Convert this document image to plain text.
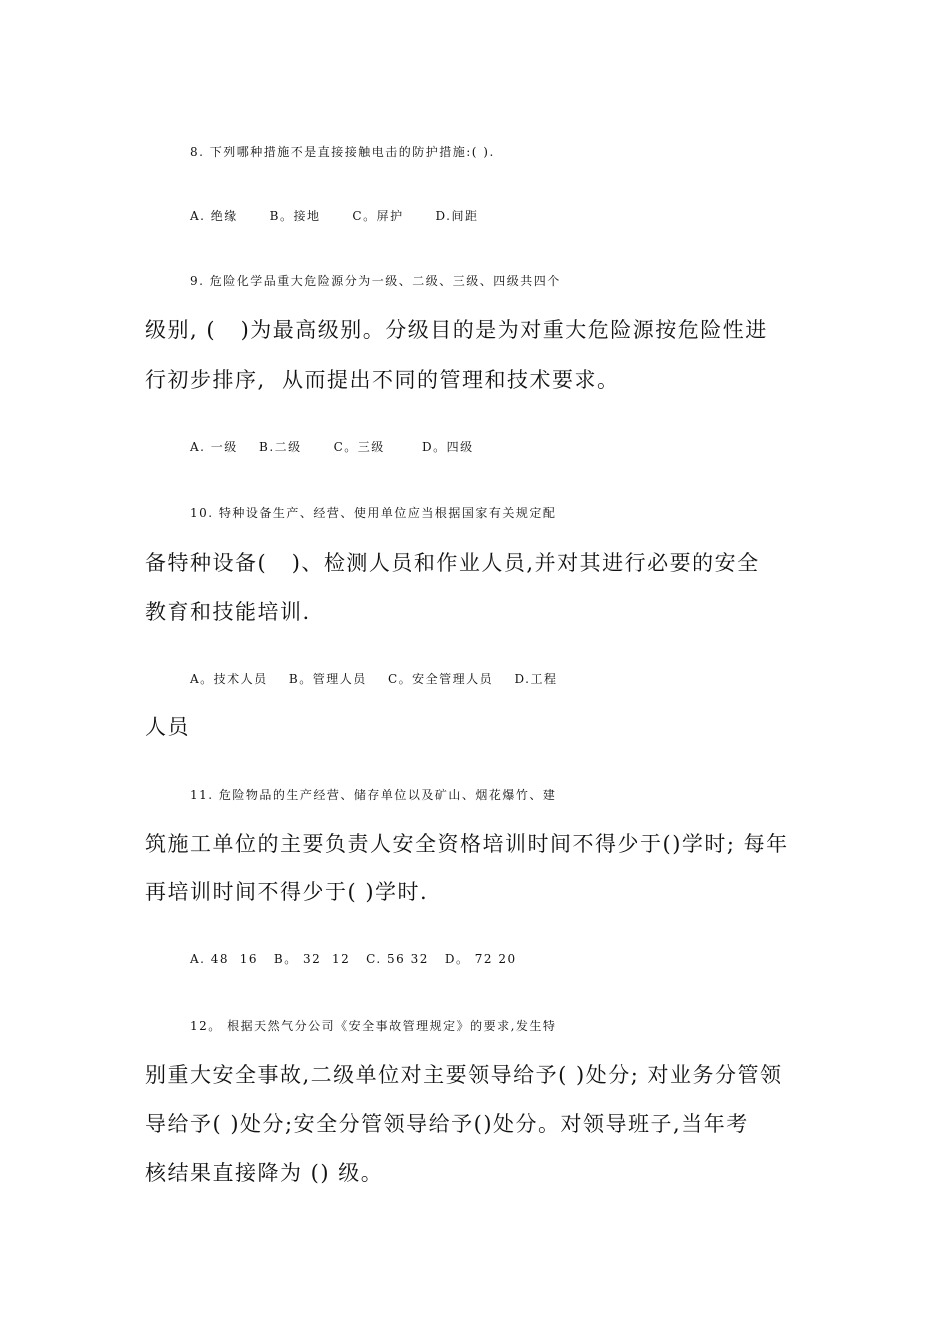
8. 下列哪种措施不是直接接触电击的防护措施:( ).
A. 绝缘      B。接地      C。屏护      D.间距
9. 危险化学品重大危险源分为一级、二级、三级、四级共四个
级别, (   )为最高级别。分级目的是为对重大危险源按危险性进
行初步排序,  从而提出不同的管理和技术要求。
A. 一级    B.二级      C。三级       D。四级
10. 特种设备生产、经营、使用单位应当根据国家有关规定配
备特种设备(   )、检测人员和作业人员,并对其进行必要的安全
教育和技能培训.
A。技术人员    B。管理人员    C。安全管理人员    D.工程
人员
11. 危险物品的生产经营、储存单位以及矿山、烟花爆竹、建
筑施工单位的主要负责人安全资格培训时间不得少于()学时; 每年
再培训时间不得少于( )学时.
A. 48  16   B。 32  12   C. 56 32   D。 72 20
12。 根据天然气分公司《安全事故管理规定》的要求,发生特
别重大安全事故,二级单位对主要领导给予( )处分; 对业务分管领
导给予( )处分;安全分管领导给予()处分。对领导班子,当年考
核结果直接降为 () 级。
